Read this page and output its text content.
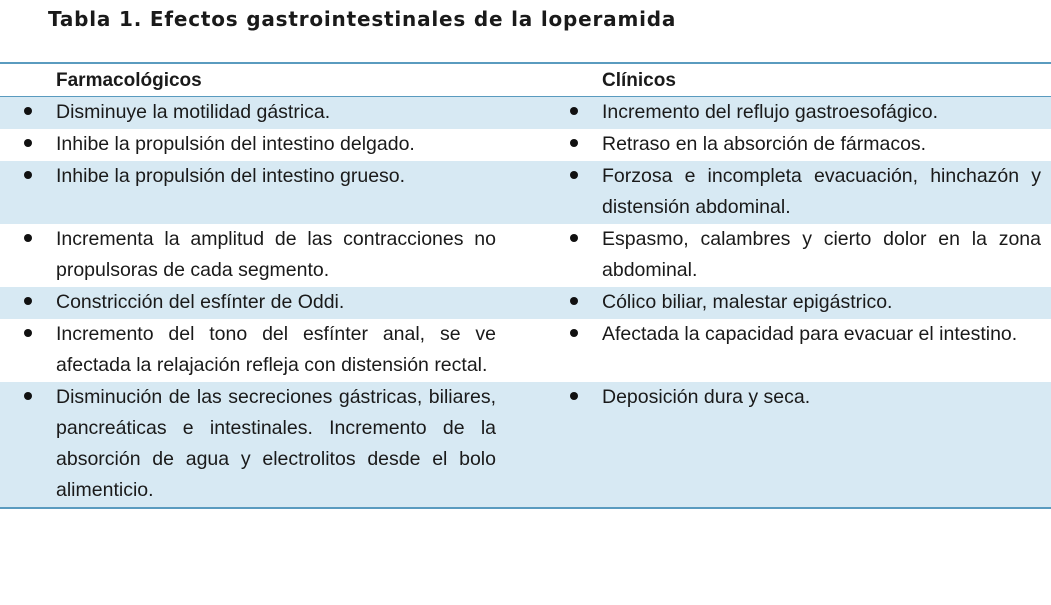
Tabla 1. Efectos gastrointestinales de la loperamida
	Farmacológicos			Clínicos
	Disminuye la motilidad gástrica.			Incremento del reflujo gastroesofágico.
	Inhibe la propulsión del intestino delgado.			Retraso en la absorción de fármacos.
	Inhibe la propulsión del intestino grueso.			Forzosa e incompleta evacuación, hinchazón y distensión abdominal.
	Incrementa la amplitud de las contracciones no propulsoras de cada segmento.			Espasmo, calambres y cierto dolor en la zona abdominal.
	Constricción del esfínter de Oddi.			Cólico biliar, malestar epigástrico.
	Incremento del tono del esfínter anal, se ve afectada la relajación refleja con distensión rectal.			Afectada la capacidad para evacuar el intestino.
	Disminución de las secreciones gástricas, biliares, pancreáticas e intestinales. Incremento de la absorción de agua y electrolitos desde el bolo alimenticio.			Deposición dura y seca.
